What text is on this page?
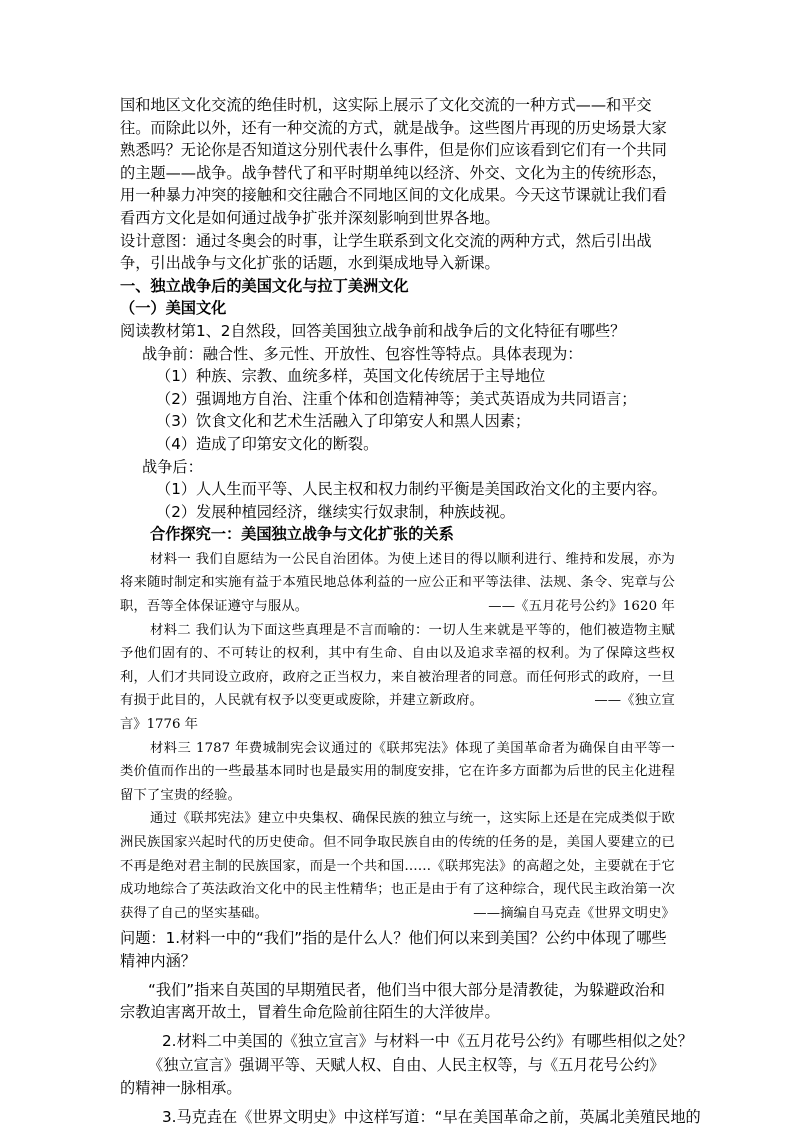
国和地区文化交流的绝佳时机，这实际上展示了文化交流的一种方式——和平交往。而除此以外，还有一种交流的方式，就是战争。这些图片再现的历史场景大家熟悉吗？无论你是否知道这分别代表什么事件，但是你们应该看到它们有一个共同的主题——战争。战争替代了和平时期单纯以经济、外交、文化为主的传统形态，用一种暴力冲突的接触和交往融合不同地区间的文化成果。今天这节课就让我们看看西方文化是如何通过战争扩张并深刻影响到世界各地。

设计意图：通过冬奥会的时事，让学生联系到文化交流的两种方式，然后引出战争，引出战争与文化扩张的话题，水到渠成地导入新课。

一、独立战争后的美国文化与拉丁美洲文化

（一）美国文化

阅读教材第1、2自然段，回答美国独立战争前和战争后的文化特征有哪些？

战争前：融合性、多元性、开放性、包容性等特点。具体表现为：

（1）种族、宗教、血统多样，英国文化传统居于主导地位

（2）强调地方自治、注重个体和创造精神等；美式英语成为共同语言；

（3）饮食文化和艺术生活融入了印第安人和黑人因素；

（4）造成了印第安文化的断裂。

战争后：

（1）人人生而平等、人民主权和权力制约平衡是美国政治文化的主要内容。

（2）发展种植园经济，继续实行奴隶制，种族歧视。

合作探究一：美国独立战争与文化扩张的关系

材料一 我们自愿结为一公民自治团体。为使上述目的得以顺利进行、维持和发展，亦为将来随时制定和实施有益于本殖民地总体利益的一应公正和平等法律、法规、条令、宪章与公职，吾等全体保证遵守与服从。	——《五月花号公约》1620 年

材料二 我们认为下面这些真理是不言而喻的：一切人生来就是平等的，他们被造物主赋予他们固有的、不可转让的权利，其中有生命、自由以及追求幸福的权利。为了保障这些权利，人们才共同设立政府，政府之正当权力，来自被治理者的同意。而任何形式的政府，一旦有损于此目的，人民就有权予以变更或废除，并建立新政府。	——《独立宣

言》1776 年

材料三 1787 年费城制宪会议通过的《联邦宪法》体现了美国革命者为确保自由平等一类价值而作出的一些最基本同时也是最实用的制度安排，它在许多方面都为后世的民主化进程留下了宝贵的经验。

通过《联邦宪法》建立中央集权、确保民族的独立与统一，这实际上还是在完成类似于欧洲民族国家兴起时代的历史使命。但不同争取民族自由的传统的任务的是，美国人要建立的已不再是绝对君主制的民族国家，而是一个共和国……《联邦宪法》的高超之处，主要就在于它成功地综合了英法政治文化中的民主性精华；也正是由于有了这种综合，现代民主政治第一次获得了自己的坚实基础。	——摘编自马克垚《世界文明史》

问题：1.材料一中的“我们”指的是什么人？他们何以来到美国？公约中体现了哪些精神内涵？

“我们”指来自英国的早期殖民者，他们当中很大部分是清教徒，为躲避政治和宗教迫害离开故土，冒着生命危险前往陌生的大洋彼岸。

2.材料二中美国的《独立宣言》与材料一中《五月花号公约》有哪些相似之处？

《独立宣言》强调平等、天赋人权、自由、人民主权等，与《五月花号公约》的精神一脉相承。

3.马克垚在《世界文明史》中这样写道：“早在美国革命之前，英属北美殖民地的
